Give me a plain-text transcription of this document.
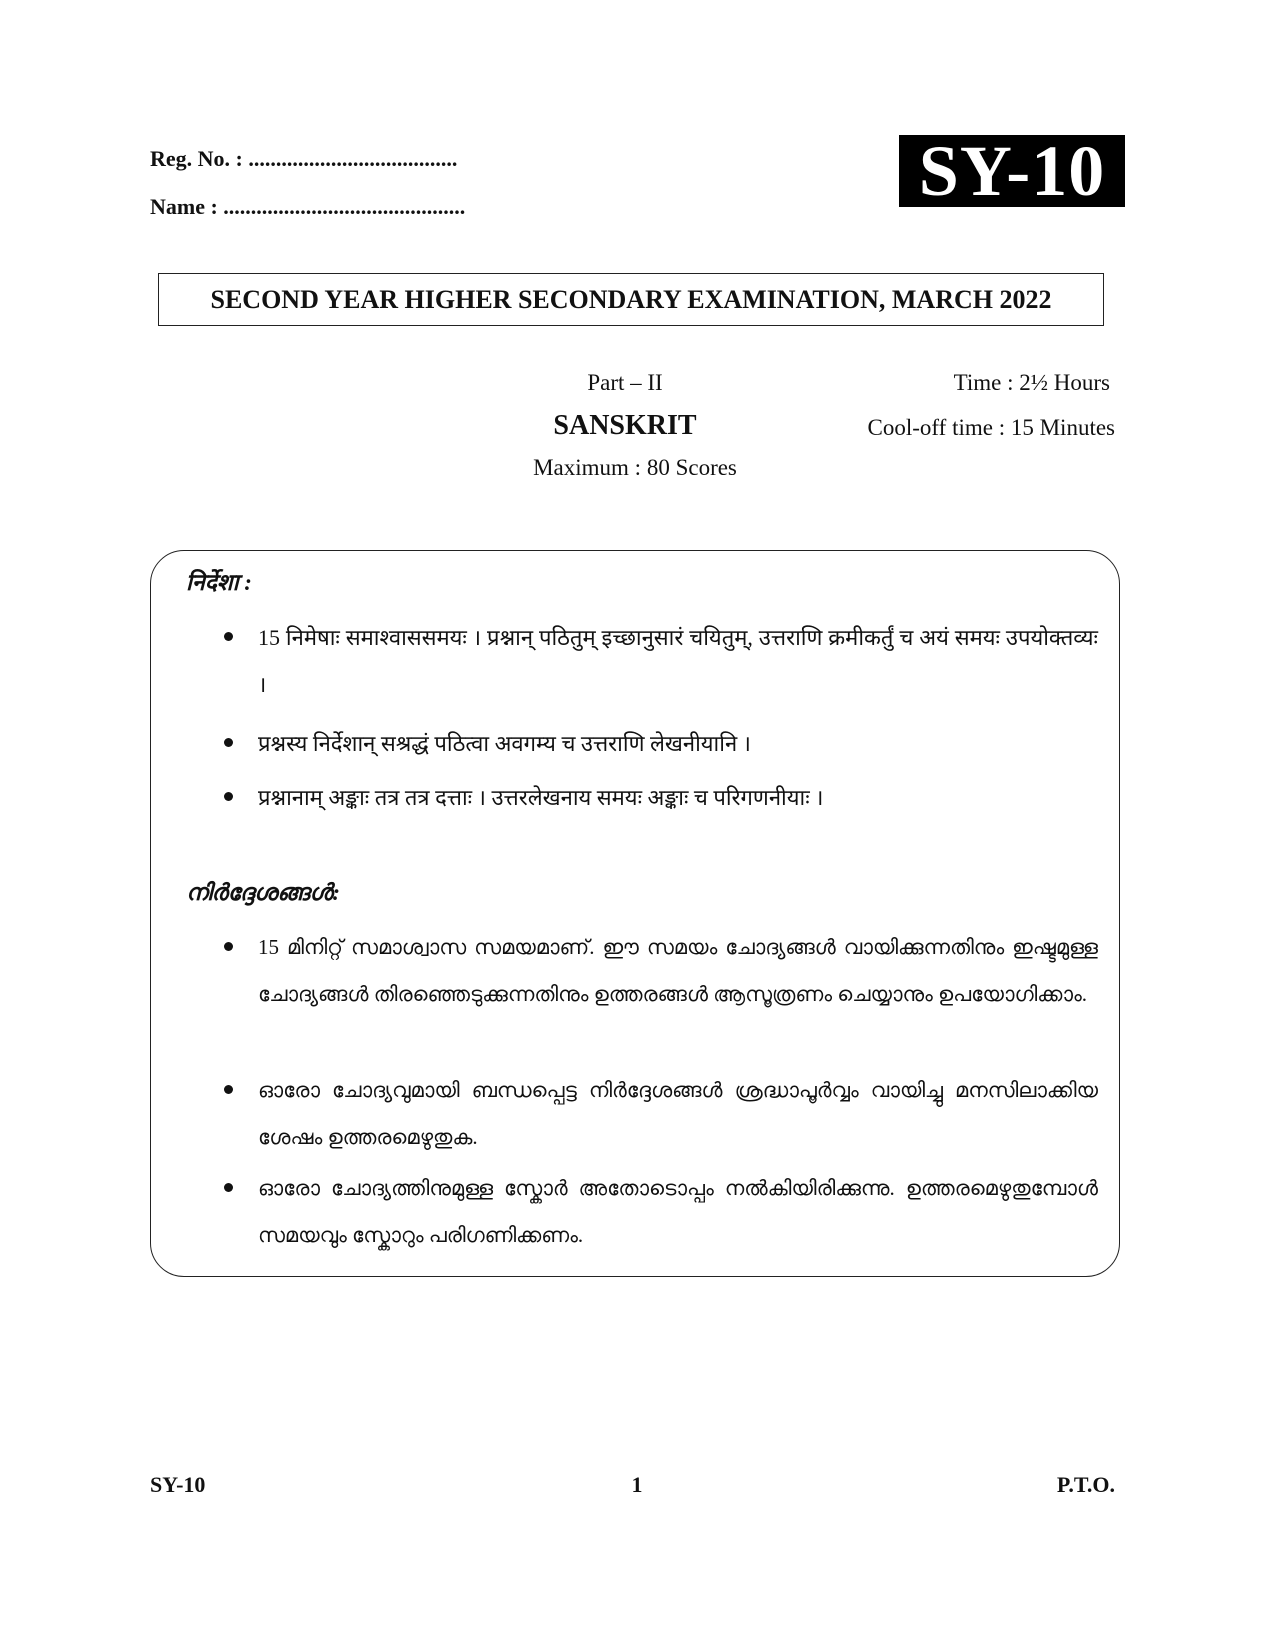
Reg. No. : ......................................
Name : ............................................	SY-10
SECOND YEAR HIGHER SECONDARY EXAMINATION, MARCH 2022
Part – II
SANSKRIT
Maximum : 80 Scores
Time : 2½ Hours
Cool-off time : 15 Minutes
निर्देशा :
15 निमेषाः समाश्वाससमयः । प्रश्नान् पठितुम् इच्छानुसारं चयितुम्, उत्तराणि क्रमीकर्तुं च अयं समयः उपयोक्तव्यः ।
प्रश्नस्य निर्देशान् सश्रद्धं पठित्वा अवगम्य च उत्तराणि लेखनीयानि ।
प्रश्नानाम् अङ्काः तत्र तत्र दत्ताः । उत्तरलेखनाय समयः अङ्काः च परिगणनीयाः ।
നിർദ്ദേശങ്ങൾ:
15 മിനിറ്റ് സമാശ്വാസ സമയമാണ്. ഈ സമയം ചോദ്യങ്ങൾ വായിക്കുന്നതിനും ഇഷ്ടമുള്ള ചോദ്യങ്ങൾ തിരഞ്ഞെടുക്കുന്നതിനും ഉത്തരങ്ങൾ ആസൂത്രണം ചെയ്യാനും ഉപയോഗിക്കാം.
ഓരോ ചോദ്യവുമായി ബന്ധപ്പെട്ട നിർദ്ദേശങ്ങൾ ശ്രദ്ധാപൂർവ്വം വായിച്ചു മനസിലാക്കിയ ശേഷം ഉത്തരമെഴുതുക.
ഓരോ ചോദ്യത്തിനുമുള്ള സ്കോർ അതോടൊപ്പം നൽകിയിരിക്കുന്നു. ഉത്തരമെഴുതുമ്പോൾ സമയവും സ്കോറും പരിഗണിക്കണം.
SY-10	1	P.T.O.
